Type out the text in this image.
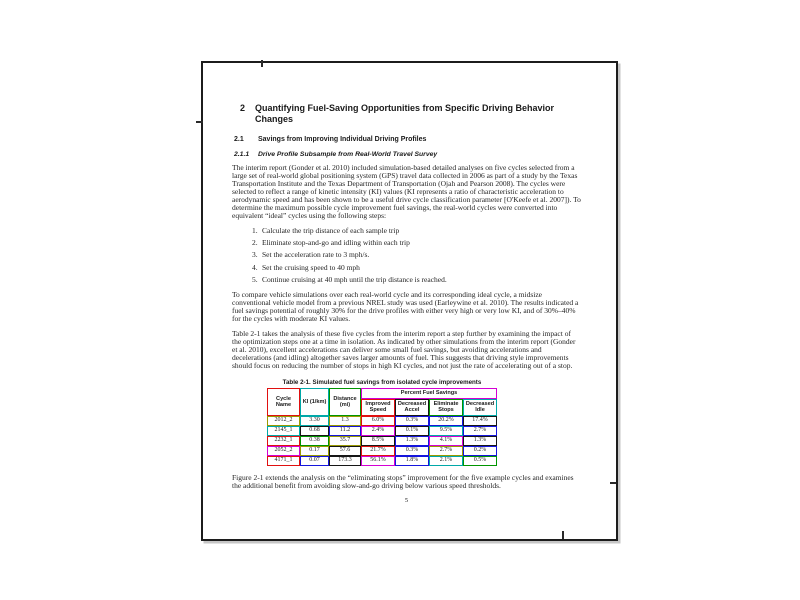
2	Quantifying Fuel-Saving Opportunities from Specific Driving Behavior Changes
2.1	Savings from Improving Individual Driving Profiles
2.1.1	Drive Profile Subsample from Real-World Travel Survey

The interim report (Gonder et al. 2010) included simulation-based detailed analyses on five cycles selected from a large set of real-world global positioning system (GPS) travel data collected in 2006 as part of a study by the Texas Transportation Institute and the Texas Department of Transportation (Ojah and Pearson 2008). The cycles were selected to reflect a range of kinetic intensity (KI) values (KI represents a ratio of characteristic acceleration to aerodynamic speed and has been shown to be a useful drive cycle classification parameter [O'Keefe et al. 2007]). To determine the maximum possible cycle improvement fuel savings, the real-world cycles were converted into equivalent “ideal” cycles using the following steps:

1. Calculate the trip distance of each sample trip
2. Eliminate stop-and-go and idling within each trip
3. Set the acceleration rate to 3 mph/s.
4. Set the cruising speed to 40 mph
5. Continue cruising at 40 mph until the trip distance is reached.

To compare vehicle simulations over each real-world cycle and its corresponding ideal cycle, a midsize conventional vehicle model from a previous NREL study was used (Earleywine et al. 2010). The results indicated a fuel savings potential of roughly 30% for the drive profiles with either very high or very low KI, and of 30%–40% for the cycles with moderate KI values.

Table 2-1 takes the analysis of these five cycles from the interim report a step further by examining the impact of the optimization steps one at a time in isolation. As indicated by other simulations from the interim report (Gonder et al. 2010), excellent accelerations can deliver some small fuel savings, but avoiding accelerations and decelerations (and idling) altogether saves larger amounts of fuel. This suggests that driving style improvements should focus on reducing the number of stops in high KI cycles, and not just the rate of accelerating out of a stop.

Table 2-1. Simulated fuel savings from isolated cycle improvements
Cycle Name	KI (1/km)	Distance (mi)	Percent Fuel Savings			
			Improved Speed	Decreased Accel	Eliminate Stops	Decreased Idle
2012_2	3.30	1.3	6.0%	0.3%	20.2%	17.4%
2145_1	0.68	11.2	2.4%	0.1%	9.5%	2.7%
2232_1	0.38	35.7	8.5%	1.3%	4.1%	1.3%
2052_2	0.17	57.6	21.7%	0.3%	2.7%	0.2%
4171_1	0.07	173.3	56.1%	1.8%	2.1%	0.5%

Figure 2-1 extends the analysis on the “eliminating stops” improvement for the five example cycles and examines the additional benefit from avoiding slow-and-go driving below various speed thresholds.

5
